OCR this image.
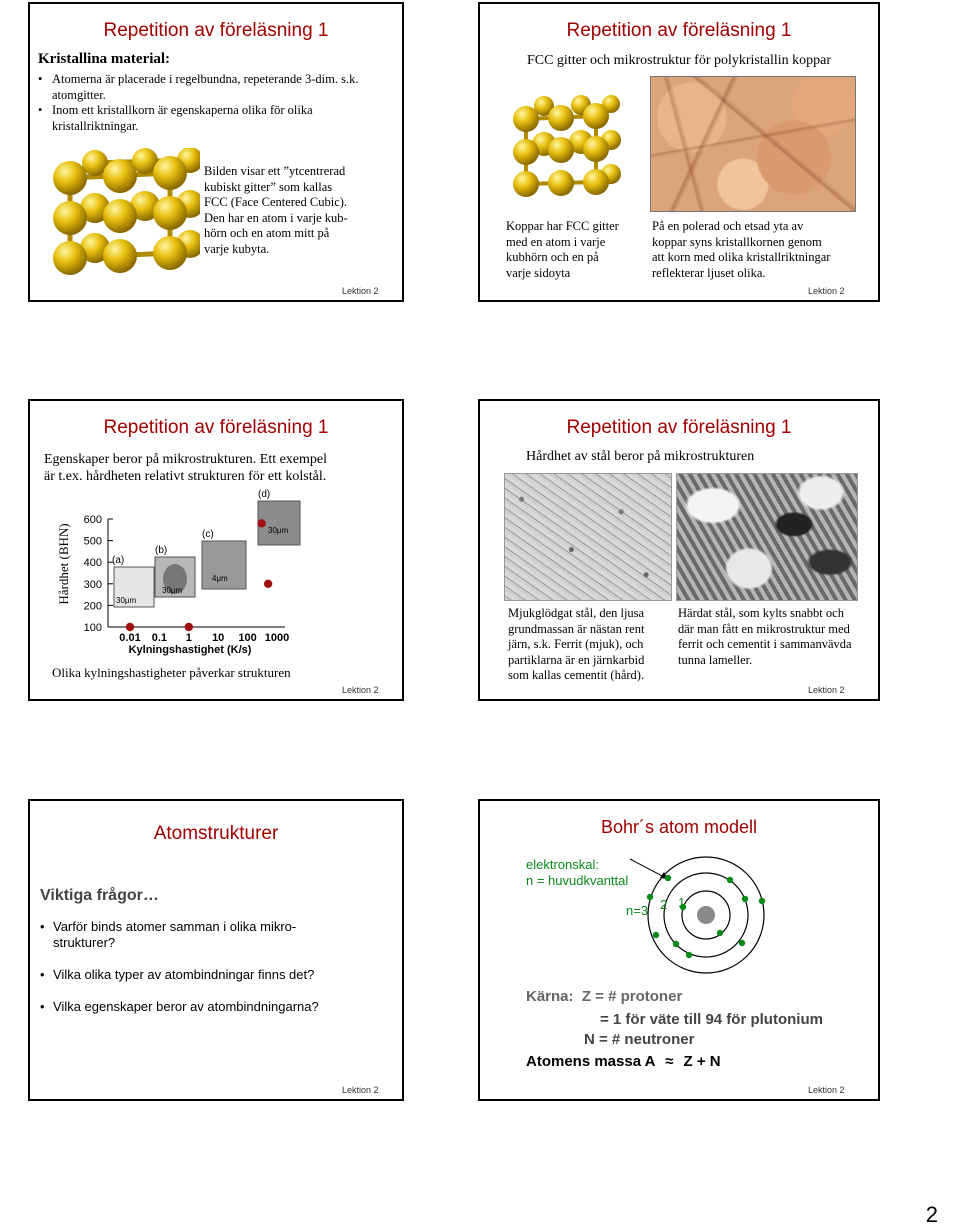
Repetition av föreläsning 1
Kristallina material:
• Atomerna är placerade i regelbundna, repeterande 3-dim. s.k. atomgitter.
• Inom ett kristallkorn är egenskaperna olika för olika kristallriktningar.
Bilden visar ett ”ytcentrerad
kubiskt gitter” som kallas
FCC (Face Centered Cubic).
Den har en atom i varje kub-
hörn och en atom mitt på
varje kubyta.
Lektion 2
Repetition av föreläsning 1
FCC gitter och mikrostruktur för polykristallin koppar
Koppar har FCC gitter
med en atom i varje
kubhörn och en på
varje sidoyta
På en polerad och etsad yta av
koppar syns kristallkornen genom
att korn med olika kristallriktningar
reflekterar ljuset olika.
Lektion 2
Repetition av föreläsning 1
Egenskaper beror på mikrostrukturen. Ett exempel
är t.ex. hårdheten relativt strukturen för ett kolstål.
Hårdhet (BHN)
100
200
300
400
500
600
0.01 0.1 1 10 100 1000
Kylningshastighet (K/s)
(a)
30μm
(b)
30μm
(c)
4μm
(d)
30μm
Olika kylningshastigheter påverkar strukturen
Lektion 2
Repetition av föreläsning 1
Hårdhet av stål beror på mikrostrukturen
Mjukglödgat stål, den ljusa
grundmassan är nästan rent
järn, s.k. Ferrit (mjuk), och
partiklarna är en järnkarbid
som kallas cementit (hård).
Härdat stål, som kylts snabbt och
där man fått en mikrostruktur med
ferrit och cementit i sammanvävda
tunna lameller.
Lektion 2
Atomstrukturer
Viktiga frågor…
• Varför binds atomer samman i olika mikro-
strukturer?
• Vilka olika typer av atombindningar finns det?
• Vilka egenskaper beror av atombindningarna?
Lektion 2
Bohr´s atom modell
elektronskal:
n = huvudkvanttal
n=3 2 1
Kärna:  Z = # protoner
= 1 för väte till 94 för plutonium
N = # neutroner
Atomens massa A ≈ Z + N
Lektion 2
2
